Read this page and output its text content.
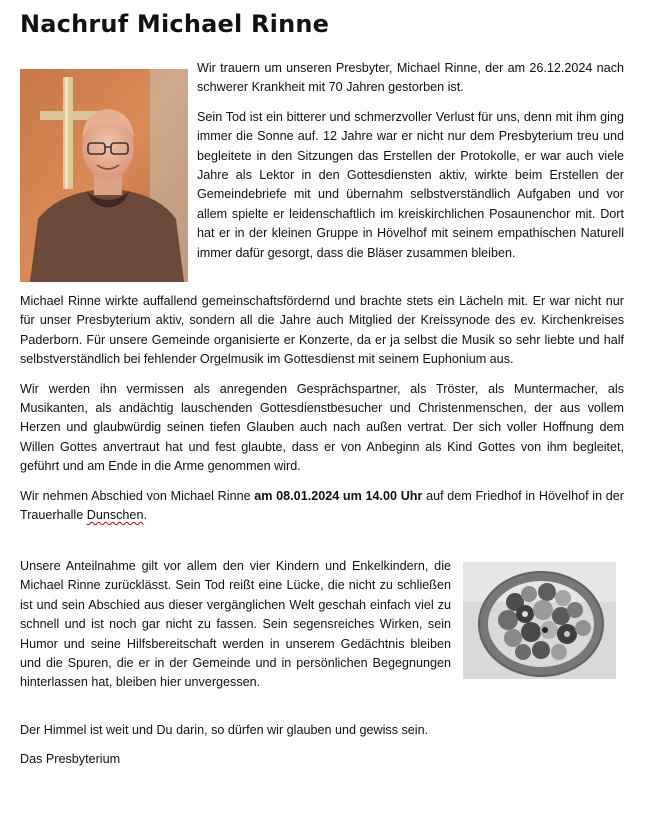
Nachruf Michael Rinne

Wir trauern um unseren Presbyter, Michael Rinne, der am 26.12.2024 nach schwerer Krankheit mit 70 Jahren gestorben ist.

Sein Tod ist ein bitterer und schmerzvoller Verlust für uns, denn mit ihm ging immer die Sonne auf. 12 Jahre war er nicht nur dem Presbyterium treu und begleitete in den Sitzungen das Erstellen der Protokolle, er war auch viele Jahre als Lektor in den Gottesdiensten aktiv, wirkte beim Erstellen der Gemeindebriefe mit und übernahm selbstverständlich Aufgaben und vor allem spielte er leidenschaftlich im kreiskirchlichen Posaunenchor mit. Dort hat er in der kleinen Gruppe in Hövelhof mit seinem empathischen Naturell immer dafür gesorgt, dass die Bläser zusammen bleiben.

Michael Rinne wirkte auffallend gemeinschaftsfördernd und brachte stets ein Lächeln mit. Er war nicht nur für unser Presbyterium aktiv, sondern all die Jahre auch Mitglied der Kreissynode des ev. Kirchenkreises Paderborn. Für unsere Gemeinde organisierte er Konzerte, da er ja selbst die Musik so sehr liebte und half selbstverständlich bei fehlender Orgelmusik im Gottesdienst mit seinem Euphonium aus.

Wir werden ihn vermissen als anregenden Gesprächspartner, als Tröster, als Muntermacher, als Musikanten, als andächtig lauschenden Gottesdienstbesucher und Christenmenschen, der aus vollem Herzen und glaubwürdig seinen tiefen Glauben auch nach außen vertrat. Der sich voller Hoffnung dem Willen Gottes anvertraut hat und fest glaubte, dass er von Anbeginn als Kind Gottes von ihm begleitet, geführt und am Ende in die Arme genommen wird.

Wir nehmen Abschied von Michael Rinne am 08.01.2024 um 14.00 Uhr auf dem Friedhof in Hövelhof in der Trauerhalle Dunschen.

Unsere Anteilnahme gilt vor allem den vier Kindern und Enkelkindern, die Michael Rinne zurücklässt. Sein Tod reißt eine Lücke, die nicht zu schließen ist und sein Abschied aus dieser vergänglichen Welt geschah einfach viel zu schnell und ist noch gar nicht zu fassen. Sein segensreiches Wirken, sein Humor und seine Hilfsbereitschaft werden in unserem Gedächtnis bleiben und die Spuren, die er in der Gemeinde und in persönlichen Begegnungen hinterlassen hat, bleiben hier unvergessen.

Der Himmel ist weit und Du darin, so dürfen wir glauben und gewiss sein.

Das Presbyterium
